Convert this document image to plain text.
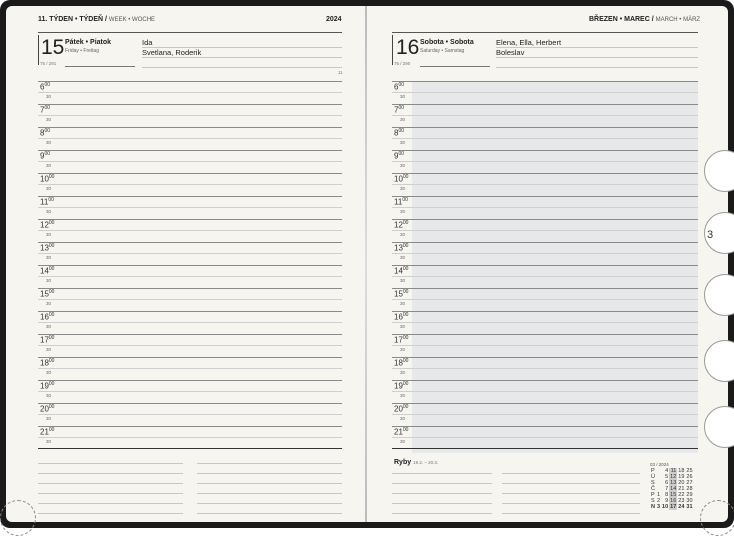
11. TÝDEN • TÝDEŇ / WEEK • WOCHE	2024
15 Pátek • Piatok
Friday • Freitag
75 / 291
Ida
Svetlana, Roderik
11
$6^{00}$
30
$7^{00}$
30
$8^{00}$
30
$9^{00}$
30
$10^{00}$
30
$11^{00}$
30
$12^{00}$
30
$13^{00}$
30
$14^{00}$
30
$15^{00}$
30
$16^{00}$
30
$17^{00}$
30
$18^{00}$
30
$19^{00}$
30
$20^{00}$
30
$21^{00}$
30
BŘEZEN • MAREC / MARCH • MÄRZ
16 Sobota • Sobota
Saturday • Samstag
76 / 290
Elena, Ella, Herbert
Boleslav
$6^{00}$
30
$7^{00}$
30
$8^{00}$
30
$9^{00}$
30
$10^{00}$
30
$11^{00}$
30
$12^{00}$
30
$13^{00}$
30
$14^{00}$
30
$15^{00}$
30
$16^{00}$
30
$17^{00}$
30
$18^{00}$
30
$19^{00}$
30
$20^{00}$
30
$21^{00}$
30
Ryby 19.2. – 20.3.	03 / 2024
P		4	11	18	25
Ú		5	12	19	26
S		6	13	20	27
Č		7	14	21	28
P	1	8	15	22	29
S	2	9	16	23	30
N	3	10	17	24	31
3
